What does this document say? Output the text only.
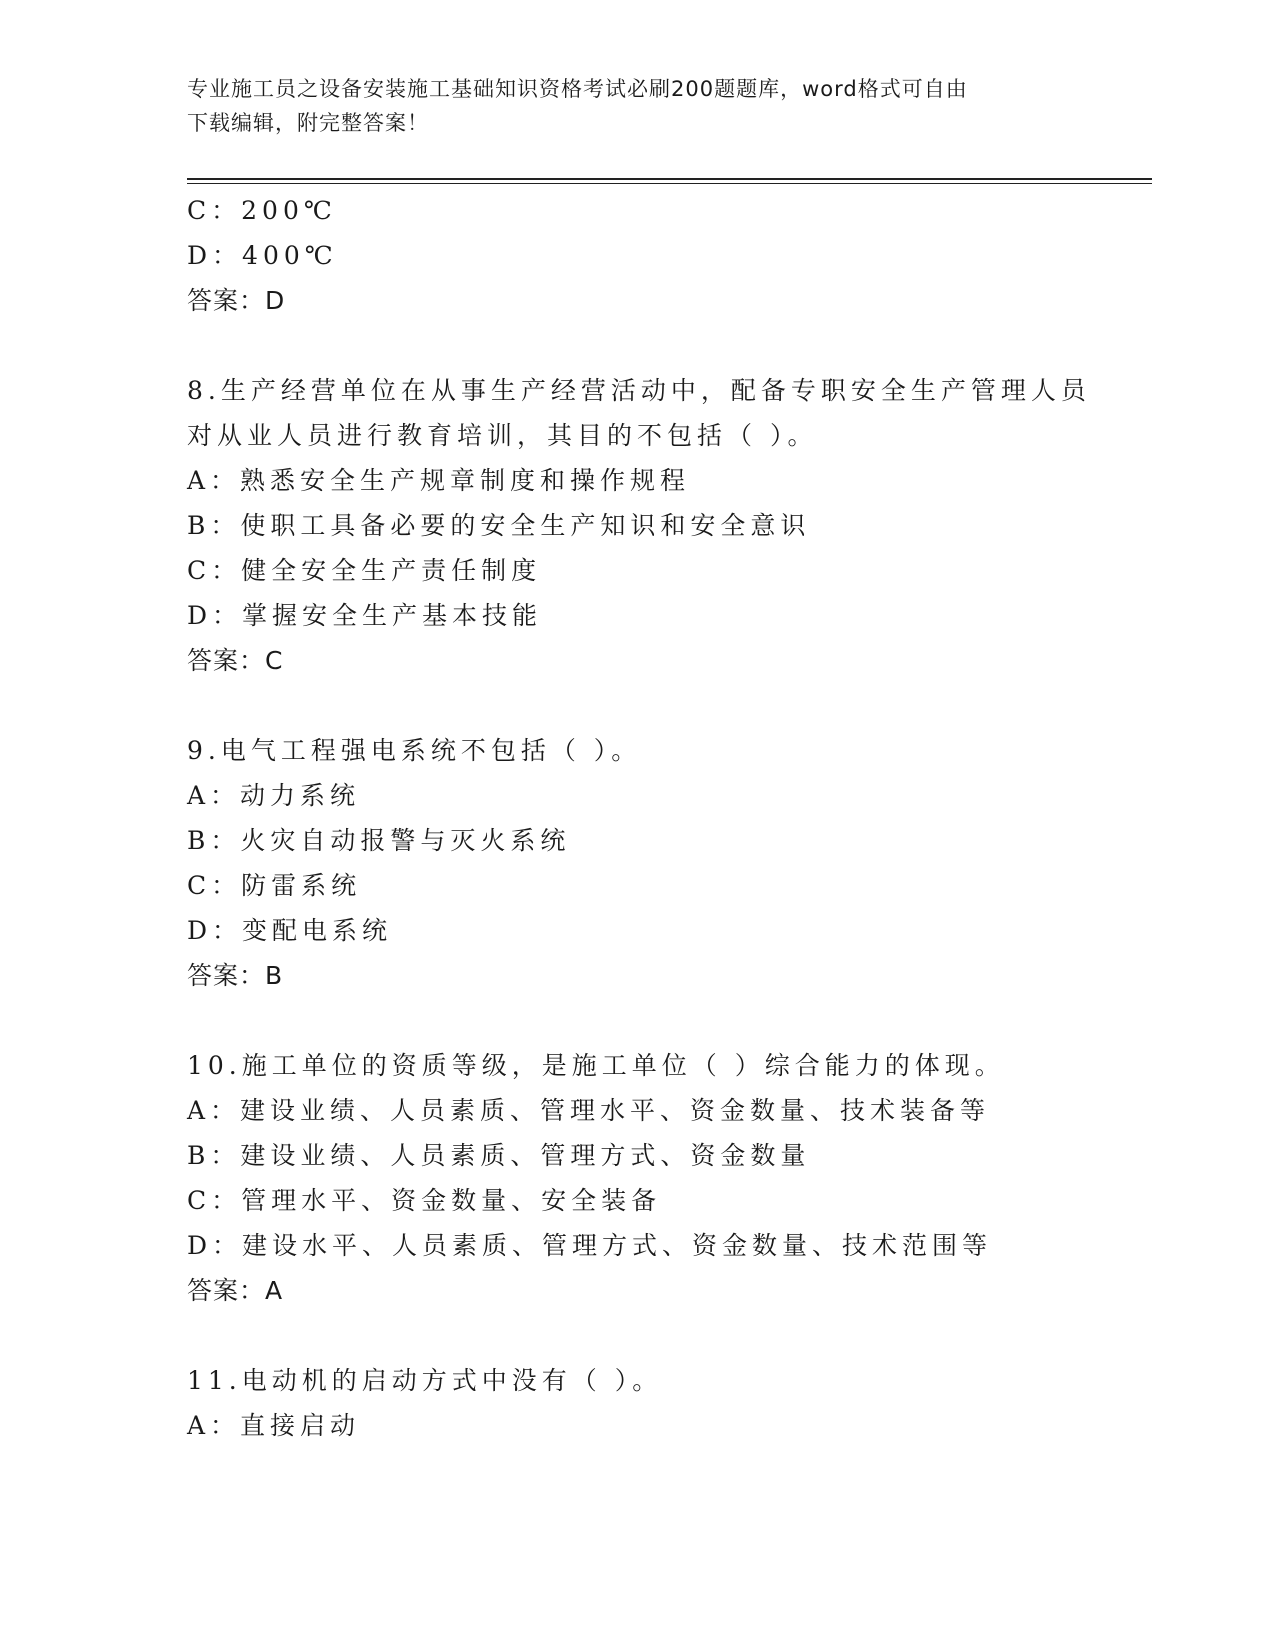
专业施工员之设备安装施工基础知识资格考试必刷200题题库，word格式可自由
下载编辑，附完整答案！
C：200℃
D：400℃
答案：D
8.生产经营单位在从事生产经营活动中，配备专职安全生产管理人员
对从业人员进行教育培训，其目的不包括（ ）。
A：熟悉安全生产规章制度和操作规程
B：使职工具备必要的安全生产知识和安全意识
C：健全安全生产责任制度
D：掌握安全生产基本技能
答案：C
9.电气工程强电系统不包括（ ）。
A：动力系统
B：火灾自动报警与灭火系统
C：防雷系统
D：变配电系统
答案：B
10.施工单位的资质等级，是施工单位（ ）综合能力的体现。
A：建设业绩、人员素质、管理水平、资金数量、技术装备等
B：建设业绩、人员素质、管理方式、资金数量
C：管理水平、资金数量、安全装备
D：建设水平、人员素质、管理方式、资金数量、技术范围等
答案：A
11.电动机的启动方式中没有（ ）。
A：直接启动
